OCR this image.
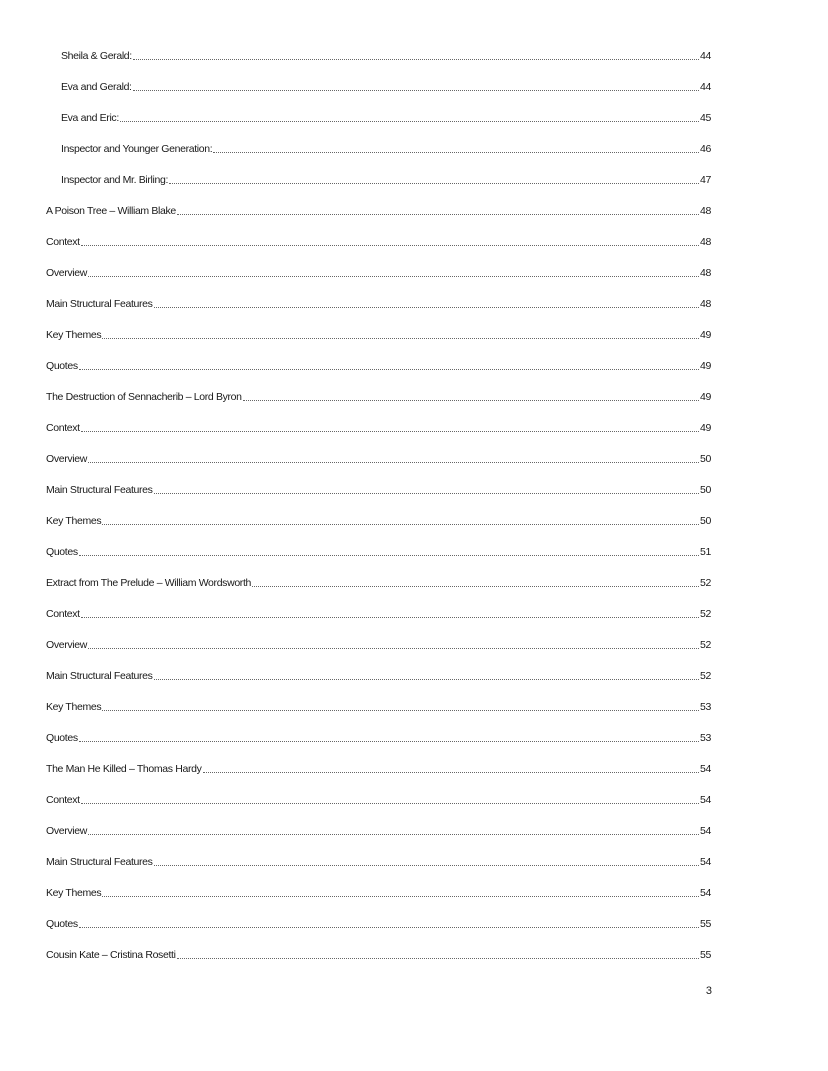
Sheila & Gerald:	44
Eva and Gerald:	44
Eva and Eric:	45
Inspector and Younger Generation:	46
Inspector and Mr. Birling:	47
A Poison Tree – William Blake	48
Context	48
Overview	48
Main Structural Features	48
Key Themes	49
Quotes	49
The Destruction of Sennacherib – Lord Byron	49
Context	49
Overview	50
Main Structural Features	50
Key Themes	50
Quotes	51
Extract from The Prelude – William Wordsworth	52
Context	52
Overview	52
Main Structural Features	52
Key Themes	53
Quotes	53
The Man He Killed – Thomas Hardy	54
Context	54
Overview	54
Main Structural Features	54
Key Themes	54
Quotes	55
Cousin Kate – Cristina Rosetti	55
3
